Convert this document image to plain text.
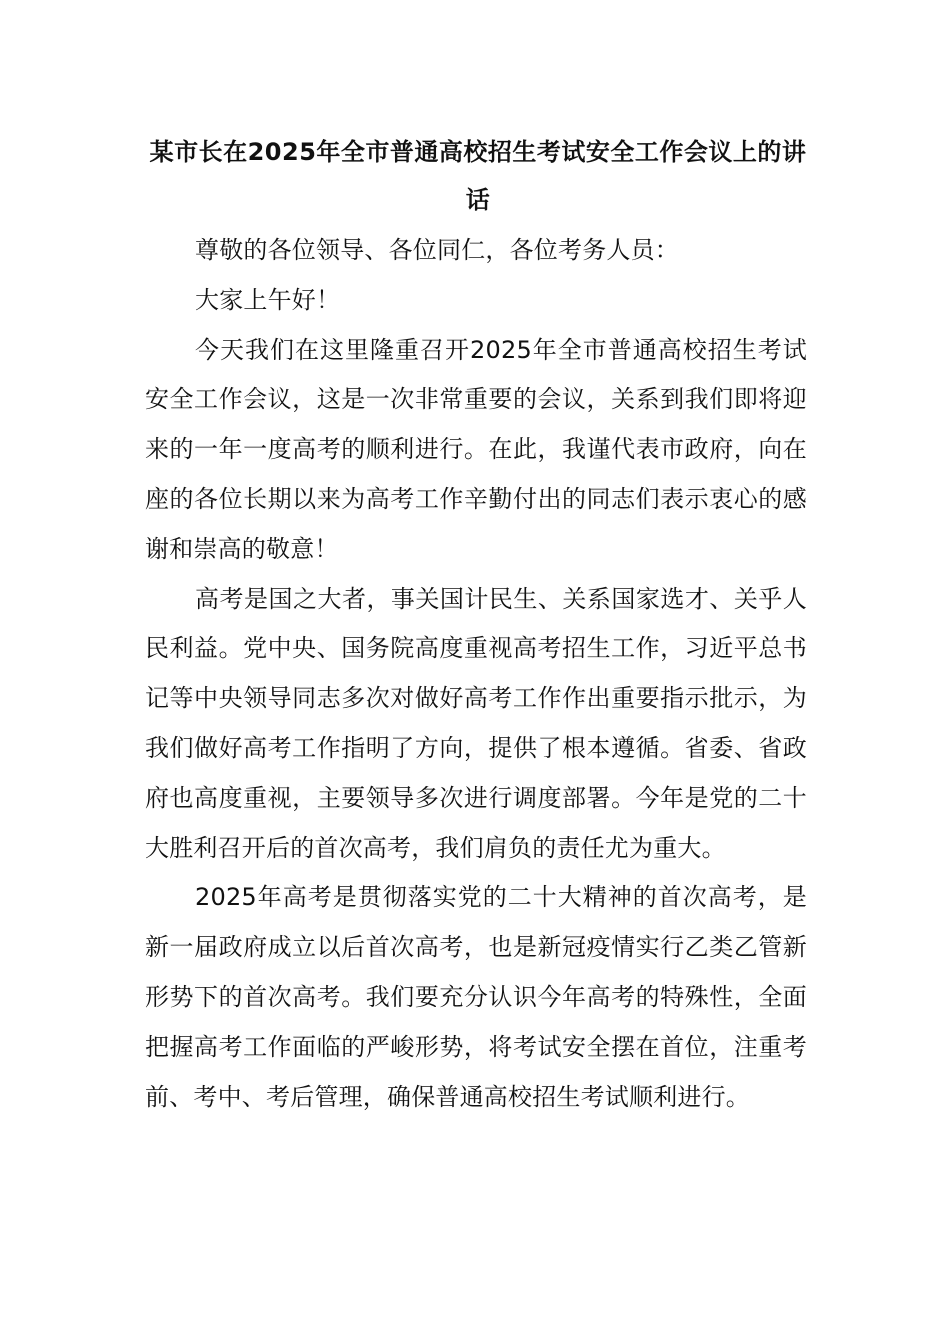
某市长在2025年全市普通高校招生考试安全工作会议上的讲话

尊敬的各位领导、各位同仁，各位考务人员：

大家上午好！

今天我们在这里隆重召开2025年全市普通高校招生考试安全工作会议，这是一次非常重要的会议，关系到我们即将迎来的一年一度高考的顺利进行。在此，我谨代表市政府，向在座的各位长期以来为高考工作辛勤付出的同志们表示衷心的感谢和崇高的敬意！

高考是国之大者，事关国计民生、关系国家选才、关乎人民利益。党中央、国务院高度重视高考招生工作，习近平总书记等中央领导同志多次对做好高考工作作出重要指示批示，为我们做好高考工作指明了方向，提供了根本遵循。省委、省政府也高度重视，主要领导多次进行调度部署。今年是党的二十大胜利召开后的首次高考，我们肩负的责任尤为重大。

2025年高考是贯彻落实党的二十大精神的首次高考，是新一届政府成立以后首次高考，也是新冠疫情实行乙类乙管新形势下的首次高考。我们要充分认识今年高考的特殊性，全面把握高考工作面临的严峻形势，将考试安全摆在首位，注重考前、考中、考后管理，确保普通高校招生考试顺利进行。
